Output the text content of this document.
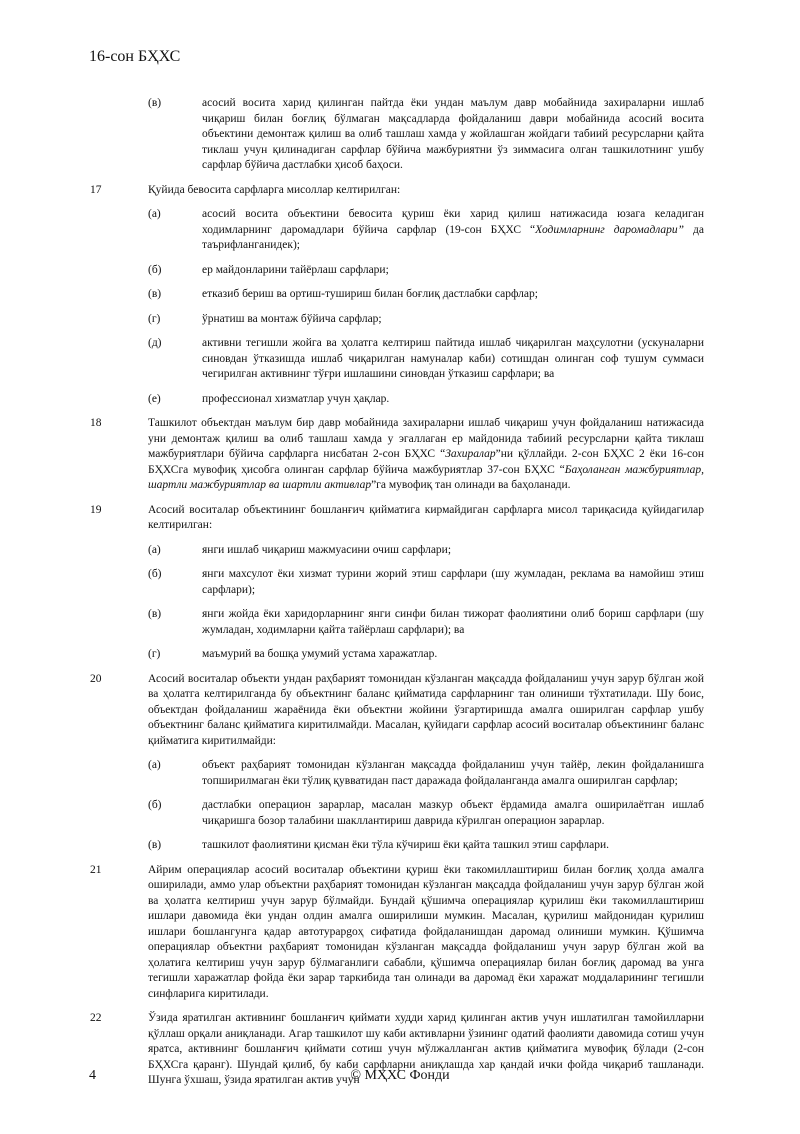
16-сон БҲХС
(в)	асосий восита харид қилинган пайтда ёки ундан маълум давр мобайнида захираларни ишлаб чиқариш билан боғлиқ бўлмаган мақсадларда фойдаланиш даври мобайнида асосий восита объектини демонтаж қилиш ва олиб ташлаш хамда у жойлашган жойдаги табиий ресурсларни қайта тиклаш учун қилинадиган сарфлар бўйича мажбуриятни ўз зиммасига олган ташкилотнинг ушбу сарфлар бўйича дастлабки ҳисоб баҳоси.
17	Қуйида бевосита сарфларга мисоллар келтирилган:
(а)	асосий восита объектини бевосита қуриш ёки харид қилиш натижасида юзага келадиган ходимларнинг даромадлари бўйича сарфлар (19-сон БҲХС “Ходимларнинг даромадлари” да таърифланганидек);
(б)	ер майдонларини тайёрлаш сарфлари;
(в)	етказиб бериш ва ортиш-тушириш билан боғлиқ дастлабки сарфлар;
(г)	ўрнатиш ва монтаж бўйича сарфлар;
(д)	активни тегишли жойга ва ҳолатга келтириш пайтида ишлаб чиқарилган маҳсулотни (ускуналарни синовдан ўтказишда ишлаб чиқарилган намуналар каби) сотишдан олинган соф тушум суммаси чегирилган активнинг тўғри ишлашини синовдан ўтказиш сарфлари; ва
(е)	профессионал хизматлар учун ҳақлар.
18	Ташкилот объектдан маълум бир давр мобайнида захираларни ишлаб чиқариш учун фойдаланиш натижасида уни демонтаж қилиш ва олиб ташлаш хамда у эгаллаган ер майдонида табиий ресурсларни қайта тиклаш мажбуриятлари бўйича сарфларга нисбатан 2-сон БҲХС “Захиралар”ни қўллайди. 2-сон БҲХС 2 ёки 16-сон БҲХСга мувофиқ ҳисобга олинган сарфлар бўйича мажбуриятлар 37-сон БҲХС “Баҳоланган мажбуриятлар, шартли мажбуриятлар ва шартли активлар”га мувофиқ тан олинади ва баҳоланади.
19	Асосий воситалар объектининг бошланғич қийматига кирмайдиган сарфларга мисол тариқасида қуйидагилар келтирилган:
(а)	янги ишлаб чиқариш мажмуасини очиш сарфлари;
(б)	янги махсулот ёки хизмат турини жорий этиш сарфлари (шу жумладан, реклама ва намойиш этиш сарфлари);
(в)	янги жойда ёки харидорларнинг янги синфи билан тижорат фаолиятини олиб бориш сарфлари (шу жумладан, ходимларни қайта тайёрлаш сарфлари); ва
(г)	маъмурий ва бошқа умумий устама харажатлар.
20	Асосий воситалар объекти ундан раҳбарият томонидан кўзланган мақсадда фойдаланиш учун зарур бўлган жой ва ҳолатга келтирилганда бу объектнинг баланс қийматида сарфларнинг тан олиниши тўхтатилади. Шу боис, объектдан фойдаланиш жараёнида ёки объектни жойини ўзгартиришда амалга оширилган сарфлар ушбу объектнинг баланс қийматига киритилмайди. Масалан, қуйидаги сарфлар асосий воситалар объектининг баланс қийматига киритилмайди:
(а)	объект раҳбарият томонидан кўзланган мақсадда фойдаланиш учун тайёр, лекин фойдаланишга топширилмаган ёки тўлиқ қувватидан паст даражада фойдаланганда амалга оширилган сарфлар;
(б)	дастлабки операцион зарарлар, масалан мазкур объект ёрдамида амалга оширилаётган ишлаб чиқаришга бозор талабини шакллантириш даврида кўрилган операцион зарарлар.
(в)	ташкилот фаолиятини қисман ёки тўла кўчириш ёки қайта ташкил этиш сарфлари.
21	Айрим операциялар асосий воситалар объектини қуриш ёки такомиллаштириш билан боғлиқ ҳолда амалга оширилади, аммо улар объектни раҳбарият томонидан кўзланган мақсадда фойдаланиш учун зарур бўлган жой ва ҳолатга келтириш учун зарур бўлмайди. Бундай қўшимча операциялар қурилиш ёки такомиллаштириш ишлари давомида ёки ундан олдин амалга оширилиши мумкин. Масалан, қурилиш майдонидан қурилиш ишлари бошлангунга қадар автотурарgоҳ сифатида фойдаланишдан даромад олиниши мумкин. Қўшимча операциялар объектни раҳбарият томонидан кўзланган мақсадда фойдаланиш учун зарур бўлган жой ва ҳолатига келтириш учун зарур бўлмаганлиги сабабли, қўшимча операциялар билан боғлиқ даромад ва унга тегишли харажатлар фойда ёки зарар таркибида тан олинади ва даромад ёки харажат моддаларининг тегишли синфларига киритилади.
22	Ўзида яратилган активнинг бошланғич қиймати худди харид қилинган актив учун ишлатилган тамойилларни қўллаш орқали аниқланади. Агар ташкилот шу каби активларни ўзининг одатий фаолияти давомида сотиш учун яратса, активнинг бошланғич қиймати сотиш учун мўлжалланган актив қийматига мувофиқ бўлади (2-сон БҲХСга қаранг). Шундай қилиб, бу каби сарфларни аниқлашда хар қандай ички фойда чиқариб ташланади. Шунга ўхшаш, ўзида яратилган актив учун
4	© МҲХС Фонди
